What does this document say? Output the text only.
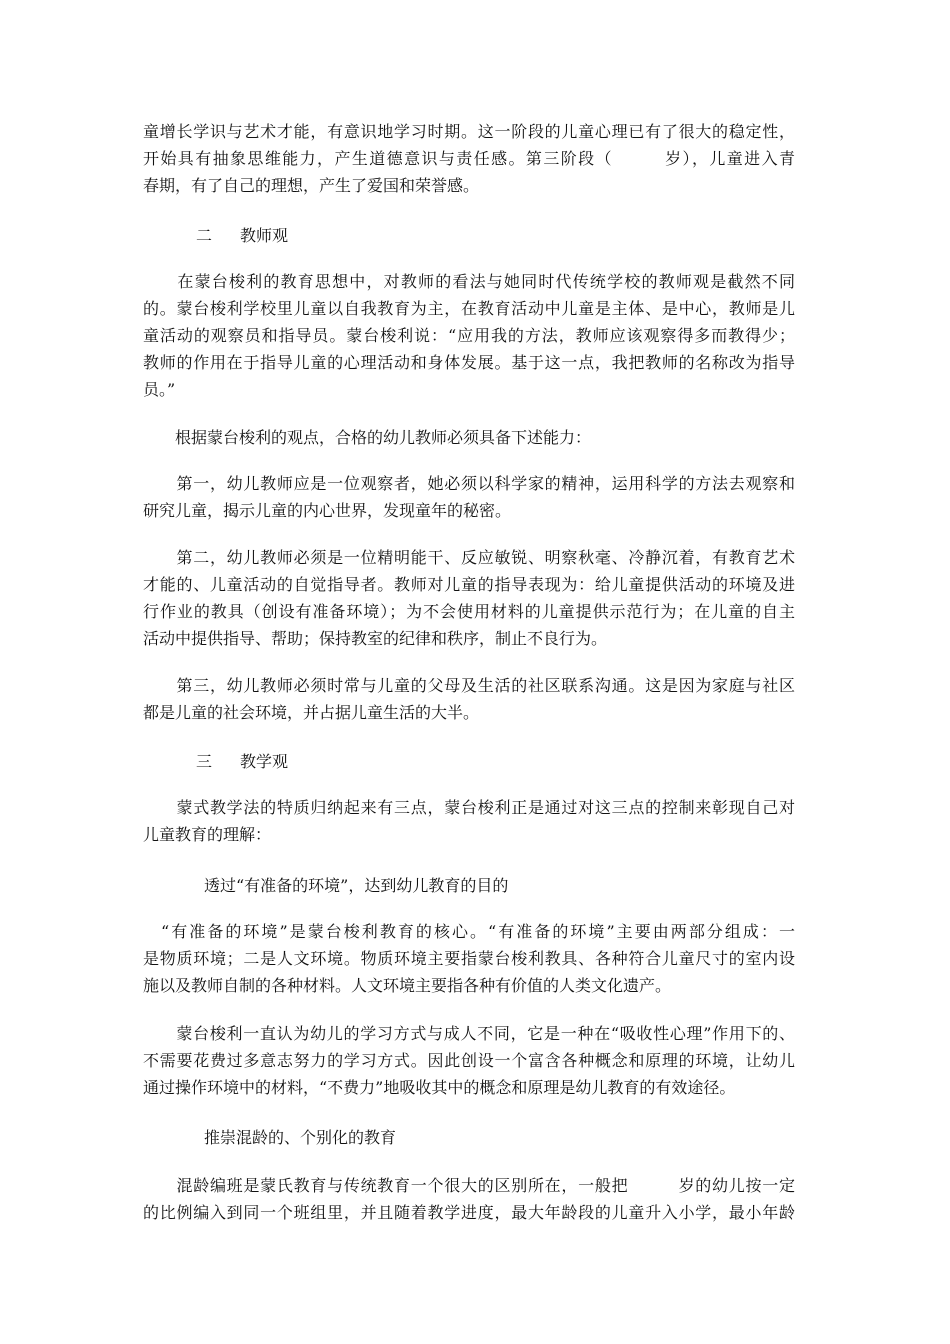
童增长学识与艺术才能，有意识地学习时期。这一阶段的儿童心理已有了很大的稳定性，
开始具有抽象思维能力，产生道德意识与责任感。第三阶段（　　　岁），儿童进入青
春期，有了自己的理想，产生了爱国和荣誉感。
二 教师观
　　在蒙台梭利的教育思想中，对教师的看法与她同时代传统学校的教师观是截然不同
的。蒙台梭利学校里儿童以自我教育为主，在教育活动中儿童是主体、是中心，教师是儿
童活动的观察员和指导员。蒙台梭利说：“应用我的方法，教师应该观察得多而教得少；
教师的作用在于指导儿童的心理活动和身体发展。基于这一点，我把教师的名称改为指导
员。”
　　根据蒙台梭利的观点，合格的幼儿教师必须具备下述能力：
　　第一，幼儿教师应是一位观察者，她必须以科学家的精神，运用科学的方法去观察和
研究儿童，揭示儿童的内心世界，发现童年的秘密。
　　第二，幼儿教师必须是一位精明能干、反应敏锐、明察秋毫、冷静沉着，有教育艺术
才能的、儿童活动的自觉指导者。教师对儿童的指导表现为：给儿童提供活动的环境及进
行作业的教具（创设有准备环境）；为不会使用材料的儿童提供示范行为；在儿童的自主
活动中提供指导、帮助；保持教室的纪律和秩序，制止不良行为。
　　第三，幼儿教师必须时常与儿童的父母及生活的社区联系沟通。这是因为家庭与社区
都是儿童的社会环境，并占据儿童生活的大半。
三 教学观
　　蒙式教学法的特质归纳起来有三点，蒙台梭利正是通过对这三点的控制来彰现自己对
儿童教育的理解：
透过“有准备的环境”，达到幼儿教育的目的
　“有准备的环境”是蒙台梭利教育的核心。“有准备的环境”主要由两部分组成：一
是物质环境；二是人文环境。物质环境主要指蒙台梭利教具、各种符合儿童尺寸的室内设
施以及教师自制的各种材料。人文环境主要指各种有价值的人类文化遗产。
　　蒙台梭利一直认为幼儿的学习方式与成人不同，它是一种在“吸收性心理”作用下的、
不需要花费过多意志努力的学习方式。因此创设一个富含各种概念和原理的环境，让幼儿
通过操作环境中的材料，“不费力”地吸收其中的概念和原理是幼儿教育的有效途径。
推崇混龄的、个别化的教育
　　混龄编班是蒙氏教育与传统教育一个很大的区别所在，一般把　　　岁的幼儿按一定
的比例编入到同一个班组里，并且随着教学进度，最大年龄段的儿童升入小学，最小年龄
